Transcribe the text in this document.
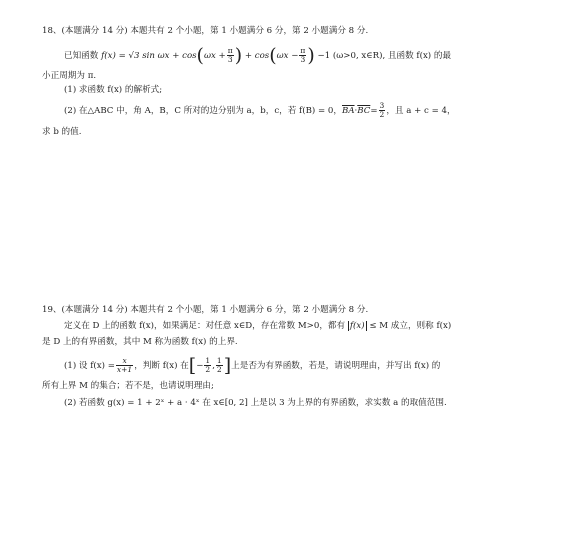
18、(本题满分 14 分) 本题共有 2 个小题，第 1 小题满分 6 分，第 2 小题满分 8 分.
已知函数 f(x) = √3 $\sin \omega x + \cos(\omega x + \frac{\pi}{3}$ ) + $\cos(\omega x - \frac{\pi}{3}$ ) −1 (ω>0, x∈R), 且函数 f(x) 的最
小正周期为 π.
(1) 求函数 f(x) 的解析式;
(2) 在△ABC 中，角 A，B，C 所对的边分别为 a，b，c，若 f(B) = 0，$\overline{BA}\cdot\overline{BC}= \frac{3}{2}$ ，且 a + c = 4，
求 b 的值.
19、(本题满分 14 分) 本题共有 2 个小题，第 1 小题满分 6 分，第 2 小题满分 8 分.
定义在 D 上的函数 f(x)，如果满足：对任意 x∈D，存在常数 M>0，都有 f(x) ≤ M 成立，则称 f(x)
是 D 上的有界函数，其中 M 称为函数 f(x) 的上界.
(1) 设 $f(x) = \frac{x}{x+1}$ ，判断 f(x) 在[− $\frac{1}{2}$ , $\frac{1}{2}$ ]上是否为有界函数，若是，请说明理由，并写出 f(x) 的
所有上界 M 的集合；若不是，也请说明理由;
(2) 若函数 g(x) = 1 + 2ˣ + a · 4ˣ 在 x∈[0, 2] 上是以 3 为上界的有界函数，求实数 a 的取值范围.
